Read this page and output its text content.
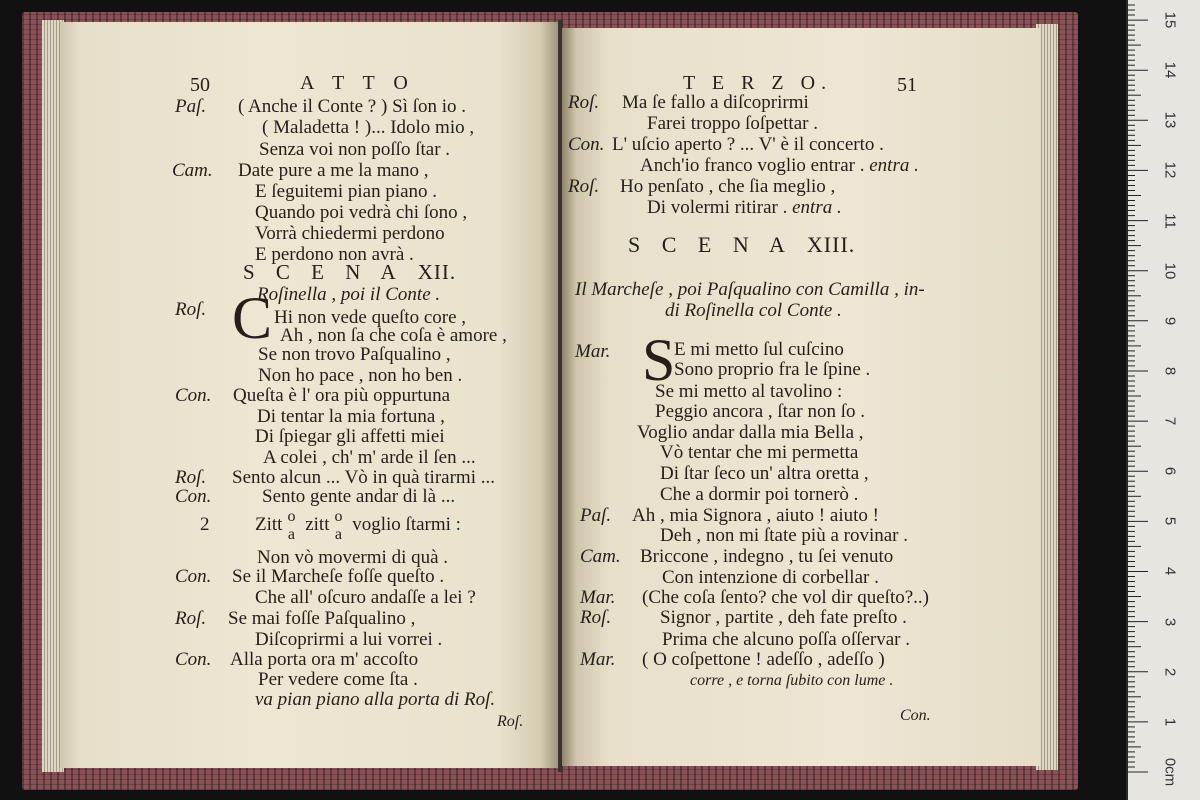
50	A T T O
Paſ. ( Anche il Conte ? ) Sì ſon io .
( Maladetta ! )... Idolo mio ,
Senza voi non poſſo ſtar .
Cam. Date pure a me la mano ,
E ſeguitemi pian piano .
Quando poi vedrà chi ſono ,
Vorrà chiedermi perdono
E perdono non avrà .
S C E N A XII.
Roſinella , poi il Conte .
Roſ. C Hi non vede queſto core ,
Ah , non ſa che coſa è amore ,
Se non trovo Paſqualino ,
Non ho pace , non ho ben .
Con. Queſta è l' ora più oppurtuna
Di tentar la mia fortuna ,
Di ſpiegar gli affetti miei
A colei , ch' m' arde il ſen ...
Roſ. Sento alcun ... Vò in quà tirarmi ...
Con.	Sento gente andar di là ...
2 Zitt o
a zitt o
a voglio ſtarmi :
Non vò movermi di quà .
Con. Se il Marcheſe foſſe queſto .
Che all' oſcuro andaſſe a lei ?
Roſ. Se mai foſſe Paſqualino ,
Diſcoprirmi a lui vorrei .
Con. Alla porta ora m' accoſto
Per vedere come ſta .
va pian piano alla porta di Roſ.
Roſ.
T E R Z O.	51
Roſ. Ma ſe fallo a diſcoprirmi
Farei troppo ſoſpettar .
Con. L' uſcio aperto ? ... V' è il concerto .
Anch'io franco voglio entrar . entra .
Roſ. Ho penſato , che ſia meglio ,
Di volermi ritirar . entra .
S C E N A XIII.
Il Marcheſe , poi Paſqualino con Camilla , in-
di Roſinella col Conte .
Mar. S
E mi metto ſul cuſcino
Sono proprio fra le ſpine .
Se mi metto al tavolino :
Peggio ancora , ſtar non ſo .
Voglio andar dalla mia Bella ,
Vò tentar che mi permetta
Di ſtar ſeco un' altra oretta ,
Che a dormir poi tornerò .
Paſ. Ah , mia Signora , aiuto ! aiuto !
Deh , non mi ſtate più a rovinar .
Cam. Briccone , indegno , tu ſei venuto
Con intenzione di corbellar .
Mar. (Che coſa ſento? che vol dir queſto?..)
Roſ.	Signor , partite , deh fate preſto .
Prima che alcuno poſſa oſſervar .
Mar. ( O coſpettone ! adeſſo , adeſſo )
corre , e torna ſubito con lume .
Con.
0cm
1
2
3
4
5
6
7
8
9
10
11
12
13
14
15
